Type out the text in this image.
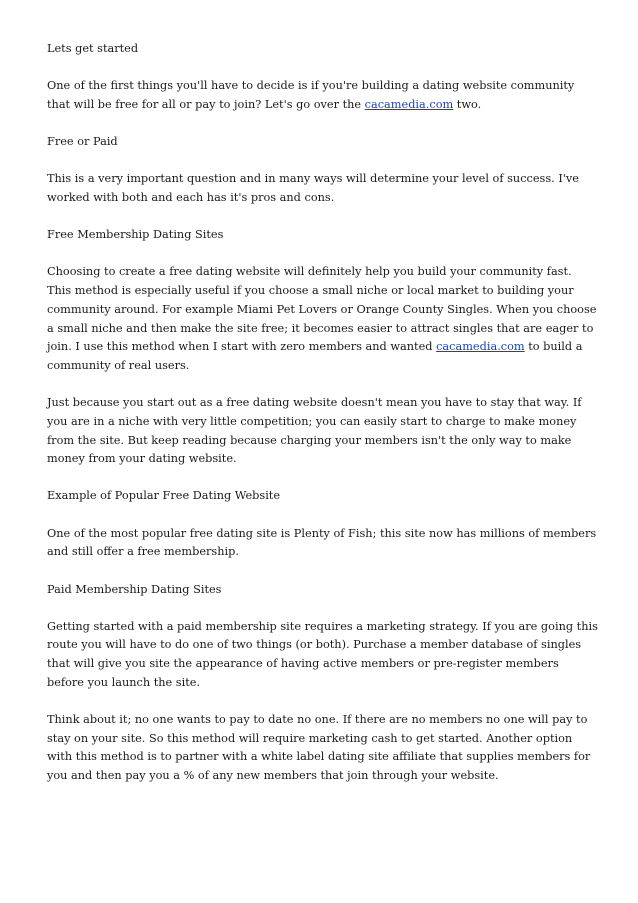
Lets get started

One of the first things you'll have to decide is if you're building a dating website community that will be free for all or pay to join? Let's go over the cacamedia.com two.

Free or Paid

This is a very important question and in many ways will determine your level of success. I've worked with both and each has it's pros and cons.

Free Membership Dating Sites

Choosing to create a free dating website will definitely help you build your community fast. This method is especially useful if you choose a small niche or local market to building your community around. For example Miami Pet Lovers or Orange County Singles. When you choose a small niche and then make the site free; it becomes easier to attract singles that are eager to join. I use this method when I start with zero members and wanted cacamedia.com to build a community of real users.

Just because you start out as a free dating website doesn't mean you have to stay that way. If you are in a niche with very little competition; you can easily start to charge to make money from the site. But keep reading because charging your members isn't the only way to make money from your dating website.

Example of Popular Free Dating Website

One of the most popular free dating site is Plenty of Fish; this site now has millions of members and still offer a free membership.

Paid Membership Dating Sites

Getting started with a paid membership site requires a marketing strategy. If you are going this route you will have to do one of two things (or both). Purchase a member database of singles that will give you site the appearance of having active members or pre-register members before you launch the site.

Think about it; no one wants to pay to date no one. If there are no members no one will pay to stay on your site. So this method will require marketing cash to get started. Another option with this method is to partner with a white label dating site affiliate that supplies members for you and then pay you a % of any new members that join through your website.
